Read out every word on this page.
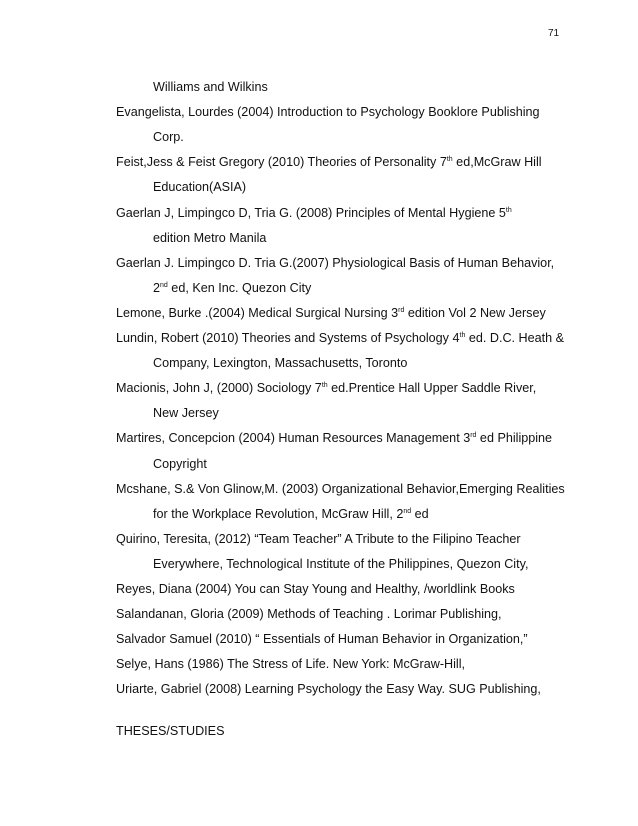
71
Williams and Wilkins
Evangelista, Lourdes (2004) Introduction to Psychology Booklore Publishing
Corp.
Feist,Jess & Feist Gregory (2010) Theories of Personality 7th ed,McGraw Hill
Education(ASIA)
Gaerlan J, Limpingco D, Tria G. (2008) Principles of Mental Hygiene 5th
edition Metro Manila
Gaerlan J. Limpingco D. Tria G.(2007) Physiological Basis of Human Behavior,
2nd ed, Ken Inc. Quezon City
Lemone, Burke .(2004) Medical Surgical Nursing 3rd edition Vol 2 New Jersey
Lundin, Robert (2010) Theories and Systems of Psychology 4th ed. D.C. Heath &
Company, Lexington, Massachusetts, Toronto
Macionis, John J, (2000) Sociology 7th ed.Prentice Hall Upper Saddle River,
New Jersey
Martires, Concepcion (2004) Human Resources Management 3rd ed Philippine
Copyright
Mcshane, S.& Von Glinow,M. (2003) Organizational Behavior,Emerging Realities
for the Workplace Revolution, McGraw Hill, 2nd ed
Quirino, Teresita, (2012) “Team Teacher” A Tribute to the Filipino Teacher
Everywhere, Technological Institute of the Philippines, Quezon City,
Reyes, Diana (2004) You can Stay Young and Healthy, /worldlink Books
Salandanan, Gloria (2009) Methods of Teaching . Lorimar Publishing,
Salvador Samuel (2010) “ Essentials of Human Behavior in Organization,”
Selye, Hans (1986) The Stress of Life. New York: McGraw-Hill,
Uriarte, Gabriel (2008) Learning Psychology the Easy Way. SUG Publishing,
THESES/STUDIES
